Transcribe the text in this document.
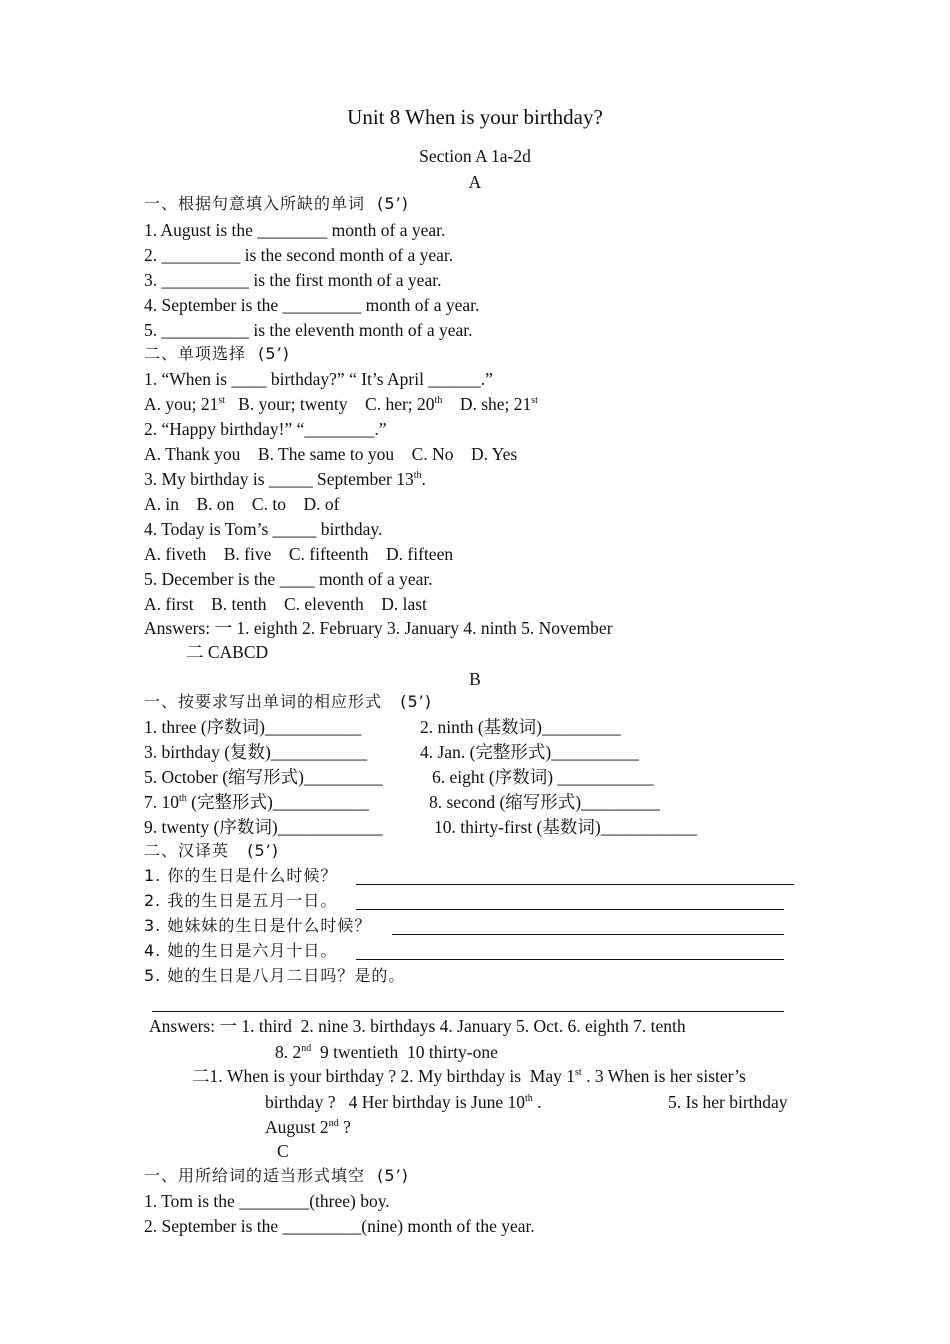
Unit 8 When is your birthday?
Section A 1a-2d
A
一、根据句意填入所缺的单词  (5’)
1. August is the ________ month of a year.
2. _________ is the second month of a year.
3. __________ is the first month of a year.
4. September is the _________ month of a year.
5. __________ is the eleventh month of a year.
二、单项选择  (5’)
1. “When is ____ birthday?” “ It’s April ______.”
A. you; 21st   B. your; twenty    C. her; 20th    D. she; 21st
2. “Happy birthday!” “________.”
A. Thank you    B. The same to you    C. No    D. Yes
3. My birthday is _____ September 13th.
A. in    B. on    C. to    D. of
4. Today is Tom’s _____ birthday.
A. fiveth    B. five    C. fifteenth    D. fifteen
5. December is the ____ month of a year.
A. first    B. tenth    C. eleventh    D. last
Answers: 一 1. eighth 2. February 3. January 4. ninth 5. November
二 CABCD
B
一、按要求写出单词的相应形式   (5’)
1. three (序数词)___________	2. ninth (基数词)_________
3. birthday (复数)___________	4. Jan. (完整形式)__________
5. October (缩写形式)_________	6. eight (序数词) ___________
7. 10th (完整形式)___________	8. second (缩写形式)_________
9. twenty (序数词)____________	10. thirty-first (基数词)___________
二、汉译英   (5’)
1. 你的生日是什么时候？
2. 我的生日是五月一日。
3. 她妹妹的生日是什么时候？
4. 她的生日是六月十日。
5. 她的生日是八月二日吗？是的。
Answers: 一 1. third  2. nine 3. birthdays 4. January 5. Oct. 6. eighth 7. tenth
8. 2nd  9 twentieth  10 thirty-one
二1. When is your birthday ? 2. My birthday is  May 1st . 3 When is her sister’s
birthday ?   4 Her birthday is June 10th .	5. Is her birthday
August 2nd ?
C
一、用所给词的适当形式填空  (5’)
1. Tom is the ________(three) boy.
2. September is the _________(nine) month of the year.
